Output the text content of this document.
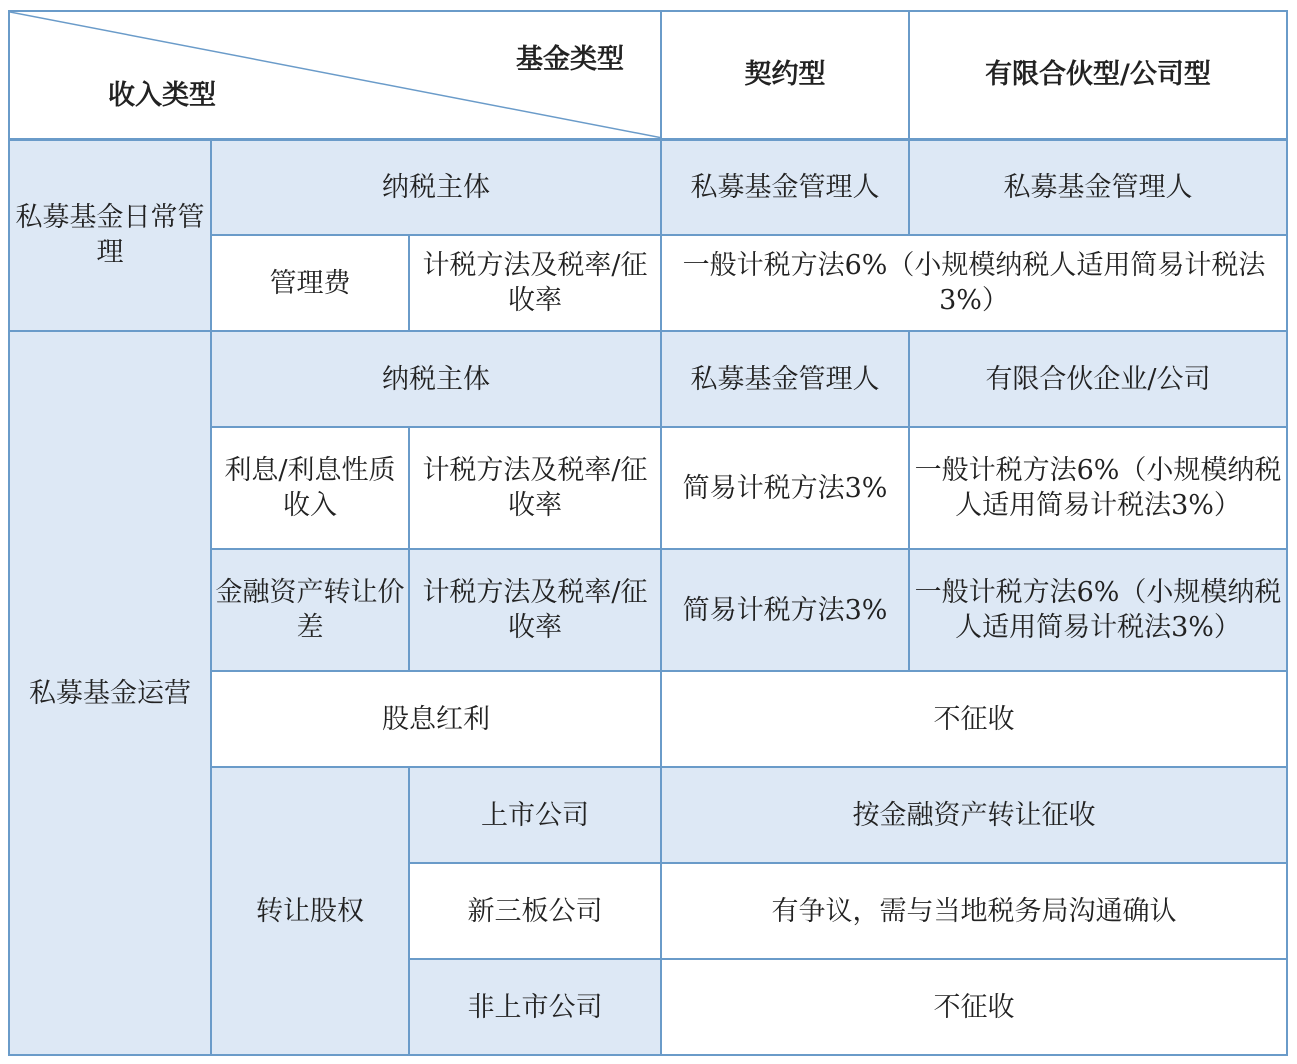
基金类型
收入类型			契约型	有限合伙型/公司型
私募基金日常管理	纳税主体		私募基金管理人	私募基金管理人
	管理费	计税方法及税率/征收率	一般计税方法6%（小规模纳税人适用简易计税法3%）	
私募基金运营	纳税主体		私募基金管理人	有限合伙企业/公司
	利息/利息性质收入	计税方法及税率/征收率	简易计税方法3%	一般计税方法6%（小规模纳税人适用简易计税法3%）
	金融资产转让价差	计税方法及税率/征收率	简易计税方法3%	一般计税方法6%（小规模纳税人适用简易计税法3%）
	股息红利		不征收	
	转让股权	上市公司	按金融资产转让征收	
		新三板公司	有争议，需与当地税务局沟通确认	
		非上市公司	不征收	
